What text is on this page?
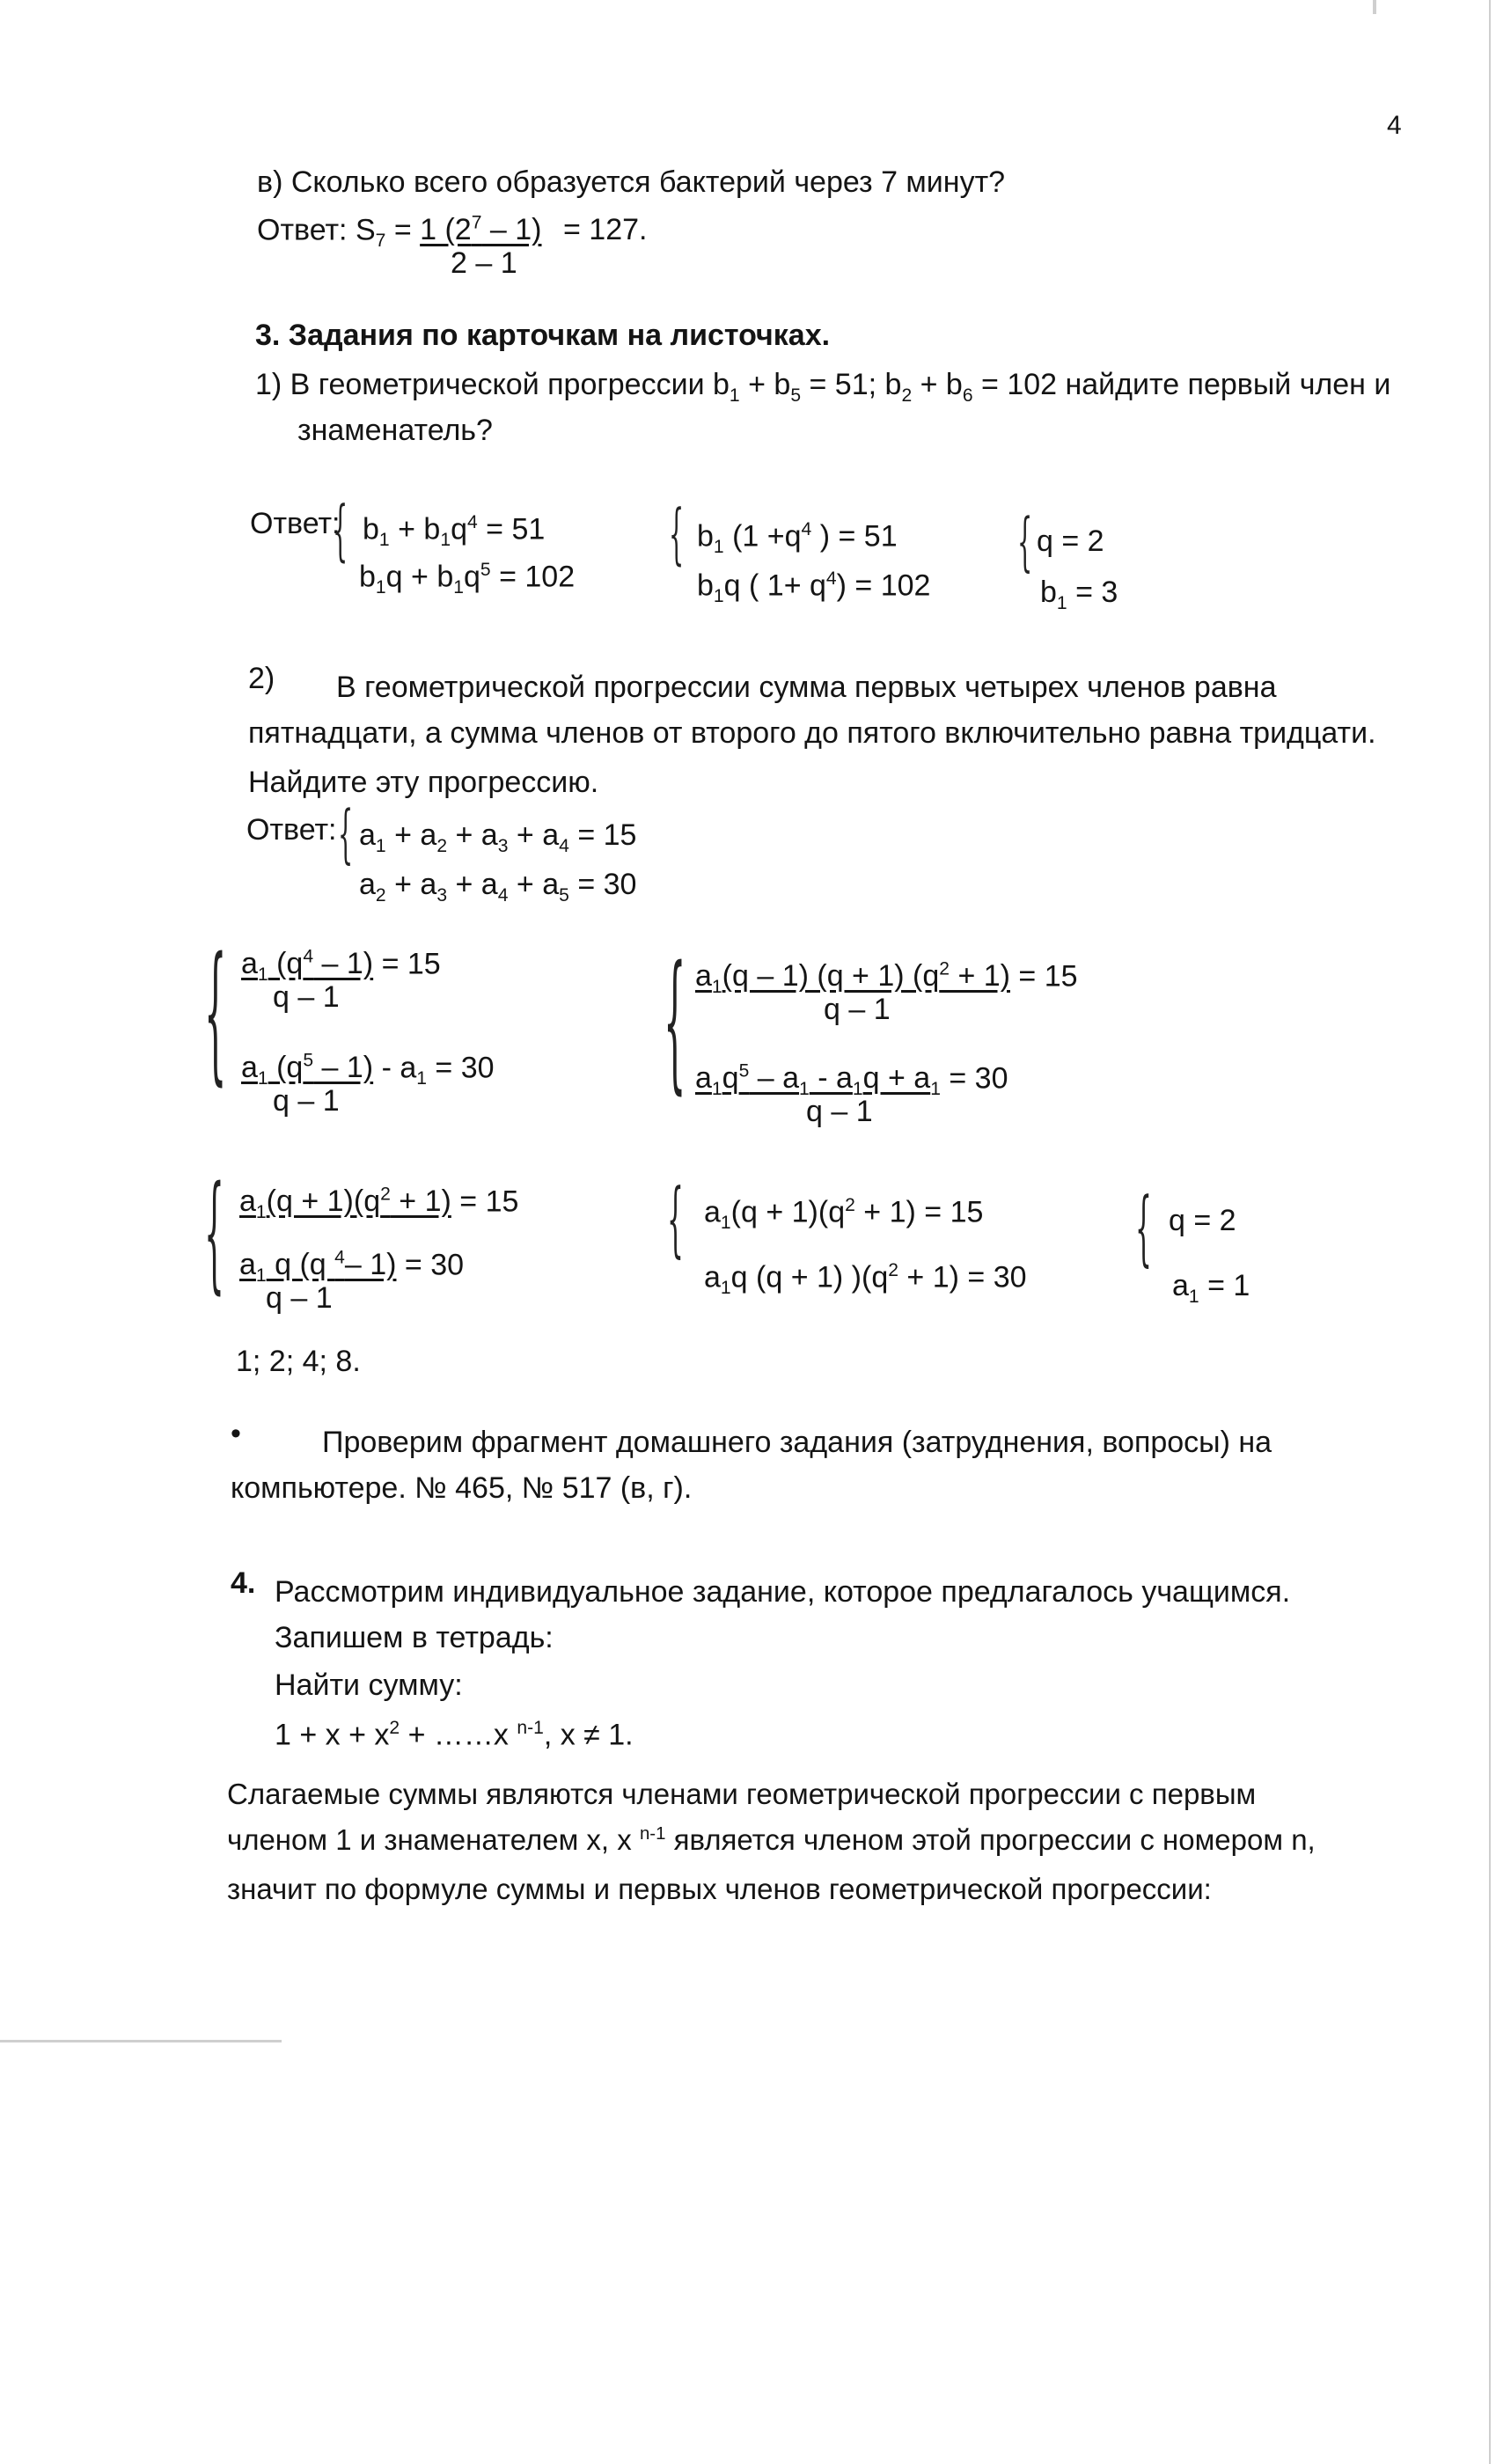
4
в) Сколько всего образуется бактерий через 7 минут?
Ответ: $S_7 = 1$ $(2^7 - 1) = 127$.
2 – 1
3. Задания по карточкам на листочках.
1) В геометрической прогрессии $b_1 + b_5 = 51$; $b_2 + b_6 = 102$ найдите первый член и
знаменатель?
Ответ:
{ $b_1 + b_1q^4 = 51$
$b_1q + b_1q^5 = 102$
{ $b_1$ ($1 +q^4$ ) = 51
$b_1q$ ( $1+ q^4) = 102$
{ q = 2
$b_1 = 3$
2) В геометрической прогрессии сумма первых четырех членов равна
пятнадцати, а сумма членов от второго до пятого включительно равна тридцати.
Найдите эту прогрессию.
Ответ: { $a_1 + a_2 + a_3 + a_4 = 15$
$a_2 + a_3 + a_4 + a_5 = 30$
{ $a_1$ $(q^4 - 1) = 15$
q – 1
$a_1$ $(q^5 - 1) - a_1 = 30$
q – 1	{ $a_1(q - 1) (q + 1) (q^2 + 1) = 15$
q – 1
$a_1q^5 - a_1 - a_1q + a_1 = 30$
q – 1
{ $a_1(q + 1)(q^2 + 1) = 15$
$a_1$ q (q $^4$– 1) = 30
q – 1
{ $a_1(q + 1)(q^2 + 1) = 15$
$a_1q$ (q + 1) )$(q^2 + 1) = 30$
{ q = 2
$a_1 = 1$
1; 2; 4; 8.
•	Проверим фрагмент домашнего задания (затруднения, вопросы) на
компьютере. № 465, № 517 (в, г).
4. Рассмотрим индивидуальное задание, которое предлагалось учащимся.
Запишем в тетрадь:
Найти сумму:
$1 + x + x^2$ + ……x $^{n-1}$, x ≠ 1.
Слагаемые суммы являются членами геометрической прогрессии с первым
членом 1 и знаменателем x, x $^{n-1}$ является членом этой прогрессии с номером n,
значит по формуле суммы и первых членов геометрической прогрессии:
